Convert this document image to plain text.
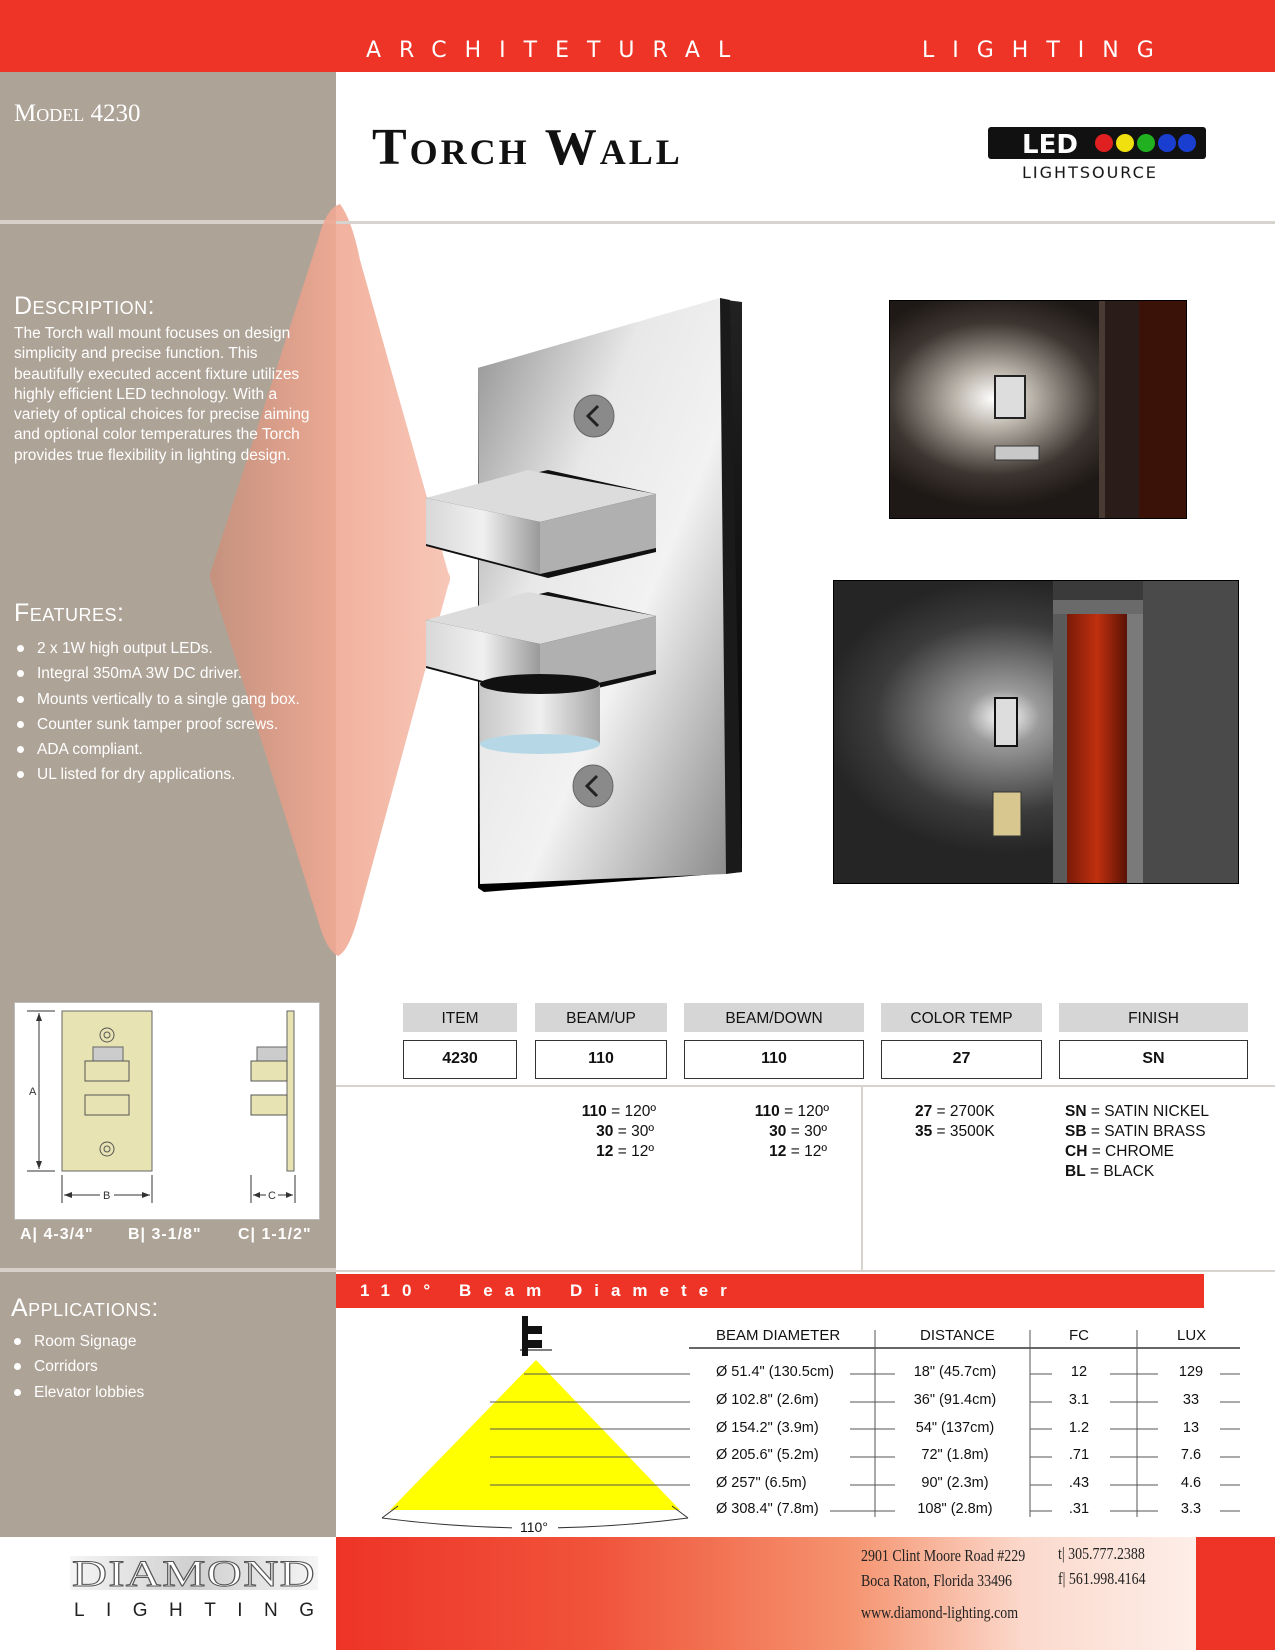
ARCHITETURAL	LIGHTING
Model 4230
Description:
The Torch wall mount focuses on design simplicity and precise function. This beautifully executed accent fixture utilizes highly efficient LED technology. With a variety of optical choices for precise aiming and optional color temperatures the Torch provides true flexibility in lighting design.
Features:
2 x 1W high output LEDs.
Integral 350mA 3W DC driver.
Mounts vertically to a single gang box.
Counter sunk tamper proof screws.
ADA compliant.
UL listed for dry applications.
A
B	C
A| 4-3/4" B| 3-1/8" C| 1-1/2"
Applications:
Room Signage
Corridors
Elevator lobbies
Torch Wall	LED
LIGHTSOURCE
ITEM	BEAM/UP	BEAM/DOWN	COLOR TEMP	FINISH
4230	110	110	27	SN
110 = 120º
30 = 30º
12 = 12º
110 = 120º
30 = 30º
12 = 12º
27 = 2700K
35 = 3500K
SN = SATIN NICKEL
SB = SATIN BRASS
CH = CHROME
BL = BLACK
110° Beam Diameter
110°
BEAM DIAMETER	DISTANCE	FC	LUX
Ø 51.4" (130.5cm)	18" (45.7cm)	12	129
Ø 102.8" (2.6m)	36" (91.4cm)	3.1	33
Ø 154.2" (3.9m)	54" (137cm)	1.2	13
Ø 205.6" (5.2m)	72" (1.8m)	.71	7.6
Ø 257" (6.5m)	90" (2.3m)	.43	4.6
Ø 308.4" (7.8m)	108" (2.8m)	.31	3.3
DIAMOND
LIGHTING
2901 Clint Moore Road #229
Boca Raton, Florida 33496
t| 305.777.2388
f| 561.998.4164
www.diamond-lighting.com
